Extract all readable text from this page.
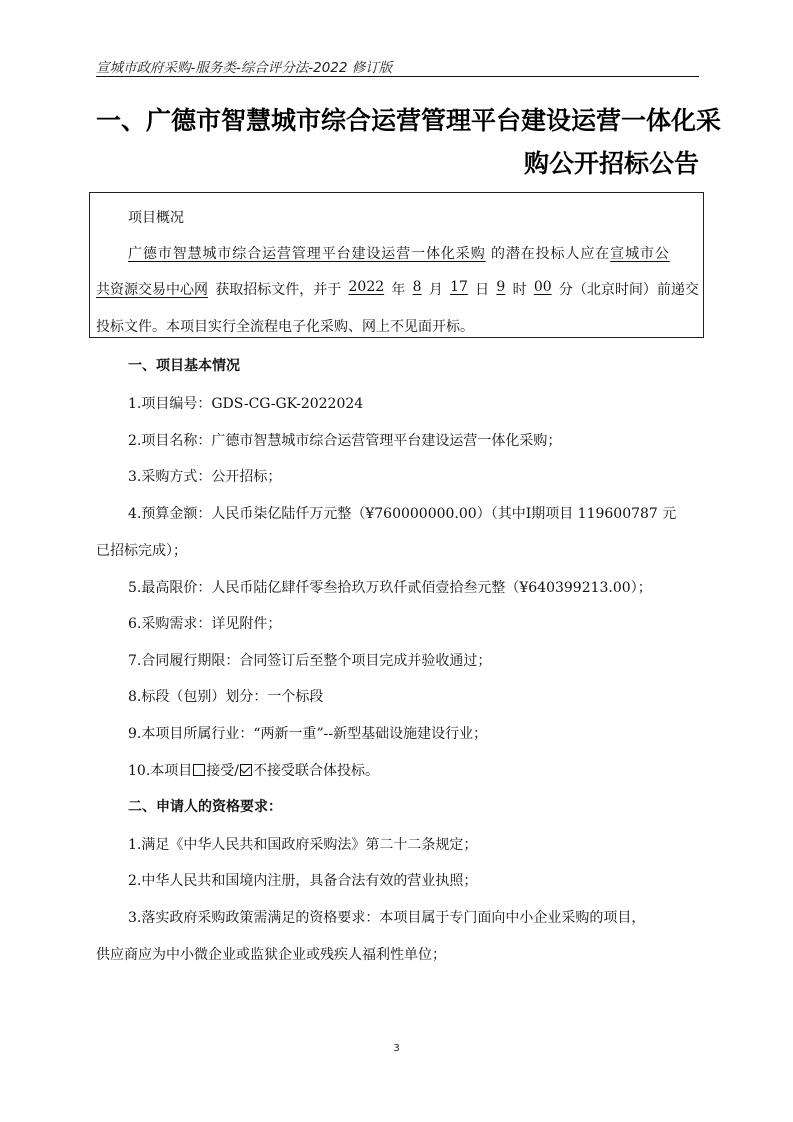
宣城市政府采购-服务类-综合评分法-2022 修订版
一、广德市智慧城市综合运营管理平台建设运营一体化采
购公开招标公告
项目概况
广德市智慧城市综合运营管理平台建设运营一体化采购 的潜在投标人应在宣城市公
共资源交易中心网 获取招标文件，并于 2022 年 8 月 17 日 9 时 00 分（北京时间）前递交
投标文件。本项目实行全流程电子化采购、网上不见面开标。
一、项目基本情况
1.项目编号：GDS-CG-GK-2022024
2.项目名称：广德市智慧城市综合运营管理平台建设运营一体化采购；
3.采购方式：公开招标；
4.预算金额：人民币柒亿陆仟万元整（¥760000000.00）（其中Ⅰ期项目 119600787 元
已招标完成）；
5.最高限价：人民币陆亿肆仟零叁拾玖万玖仟贰佰壹拾叁元整（¥640399213.00）；
6.采购需求：详见附件；
7.合同履行期限：合同签订后至整个项目完成并验收通过；
8.标段（包别）划分：一个标段
9.本项目所属行业：“两新一重”--新型基础设施建设行业；
10.本项目 接受/ 不接受联合体投标。
二、申请人的资格要求：
1.满足《中华人民共和国政府采购法》第二十二条规定；
2.中华人民共和国境内注册，具备合法有效的营业执照；
3.落实政府采购政策需满足的资格要求：本项目属于专门面向中小企业采购的项目，
供应商应为中小微企业或监狱企业或残疾人福利性单位；
3
